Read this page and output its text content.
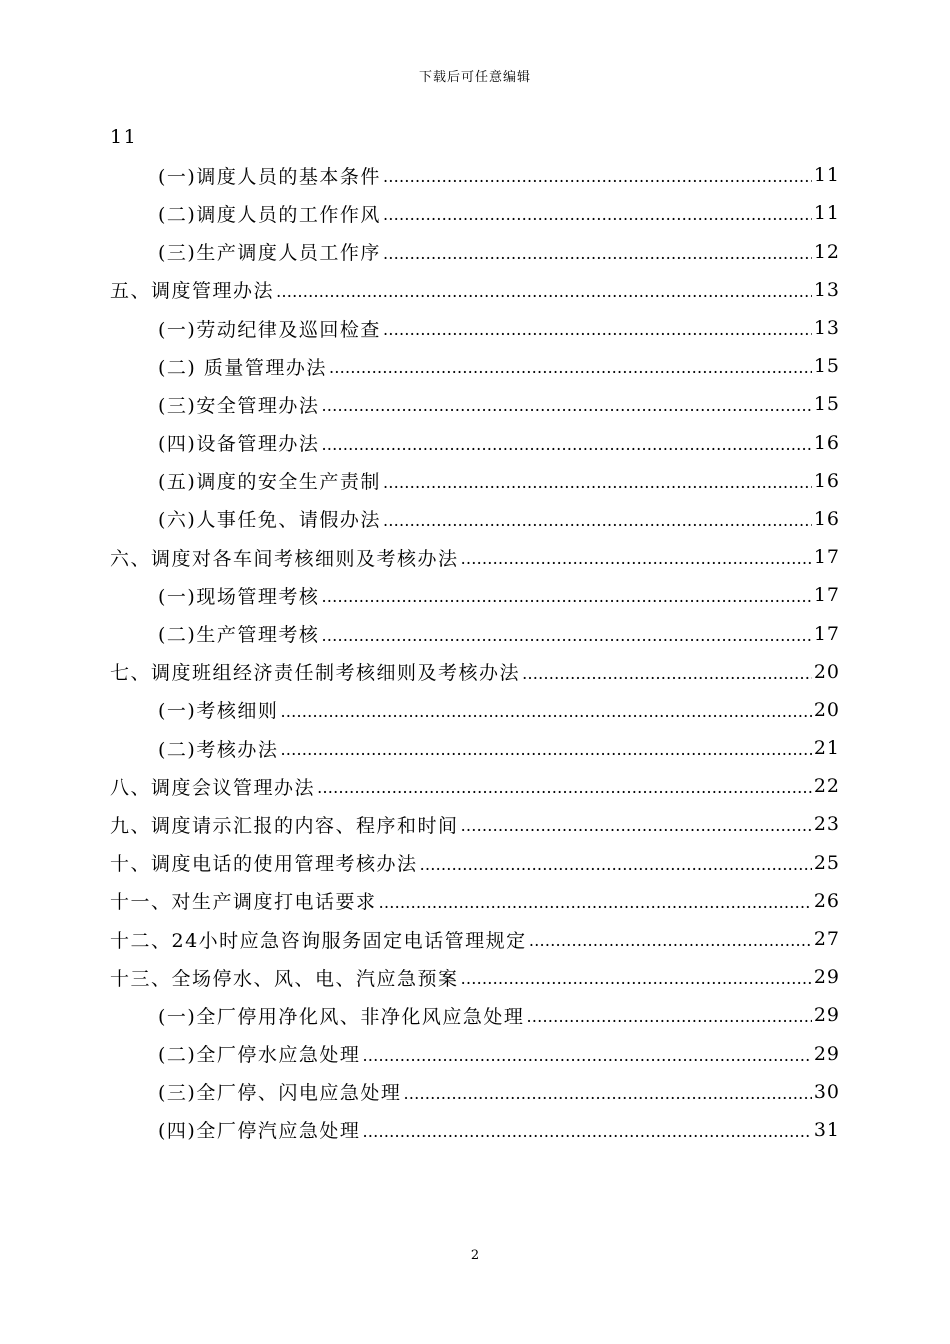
下载后可任意编辑
11
(一)调度人员的基本条件 ………………………………………………………………………………………………………………………………………………………………………………	11
(二)调度人员的工作作风 ………………………………………………………………………………………………………………………………………………………………………………	11
(三)生产调度人员工作序 ………………………………………………………………………………………………………………………………………………………………………………	12
五、调度管理办法 ………………………………………………………………………………………………………………………………………………………………………………	13
(一)劳动纪律及巡回检查 ………………………………………………………………………………………………………………………………………………………………………………	13
(二) 质量管理办法 ………………………………………………………………………………………………………………………………………………………………………………	15
(三)安全管理办法 ………………………………………………………………………………………………………………………………………………………………………………	15
(四)设备管理办法 ………………………………………………………………………………………………………………………………………………………………………………	16
(五)调度的安全生产责制 ………………………………………………………………………………………………………………………………………………………………………………	16
(六)人事任免、请假办法 ………………………………………………………………………………………………………………………………………………………………………………	16
六、调度对各车间考核细则及考核办法 ………………………………………………………………………………………………………………………………………………………………………………	17
(一)现场管理考核 ………………………………………………………………………………………………………………………………………………………………………………	17
(二)生产管理考核 ………………………………………………………………………………………………………………………………………………………………………………	17
七、调度班组经济责任制考核细则及考核办法 ………………………………………………………………………………………………………………………………………………………………………………	20
(一)考核细则 ………………………………………………………………………………………………………………………………………………………………………………	20
(二)考核办法 ………………………………………………………………………………………………………………………………………………………………………………	21
八、调度会议管理办法 ………………………………………………………………………………………………………………………………………………………………………………	22
九、调度请示汇报的内容、程序和时间 ………………………………………………………………………………………………………………………………………………………………………………	23
十、调度电话的使用管理考核办法 ………………………………………………………………………………………………………………………………………………………………………………	25
十一、对生产调度打电话要求 ………………………………………………………………………………………………………………………………………………………………………………	26
十二、24小时应急咨询服务固定电话管理规定 ………………………………………………………………………………………………………………………………………………………………………………	27
十三、全场停水、风、电、汽应急预案 ………………………………………………………………………………………………………………………………………………………………………………	29
(一)全厂停用净化风、非净化风应急处理 ………………………………………………………………………………………………………………………………………………………………………………	29
(二)全厂停水应急处理 ………………………………………………………………………………………………………………………………………………………………………………	29
(三)全厂停、闪电应急处理 ………………………………………………………………………………………………………………………………………………………………………………	30
(四)全厂停汽应急处理 ………………………………………………………………………………………………………………………………………………………………………………	31
2
